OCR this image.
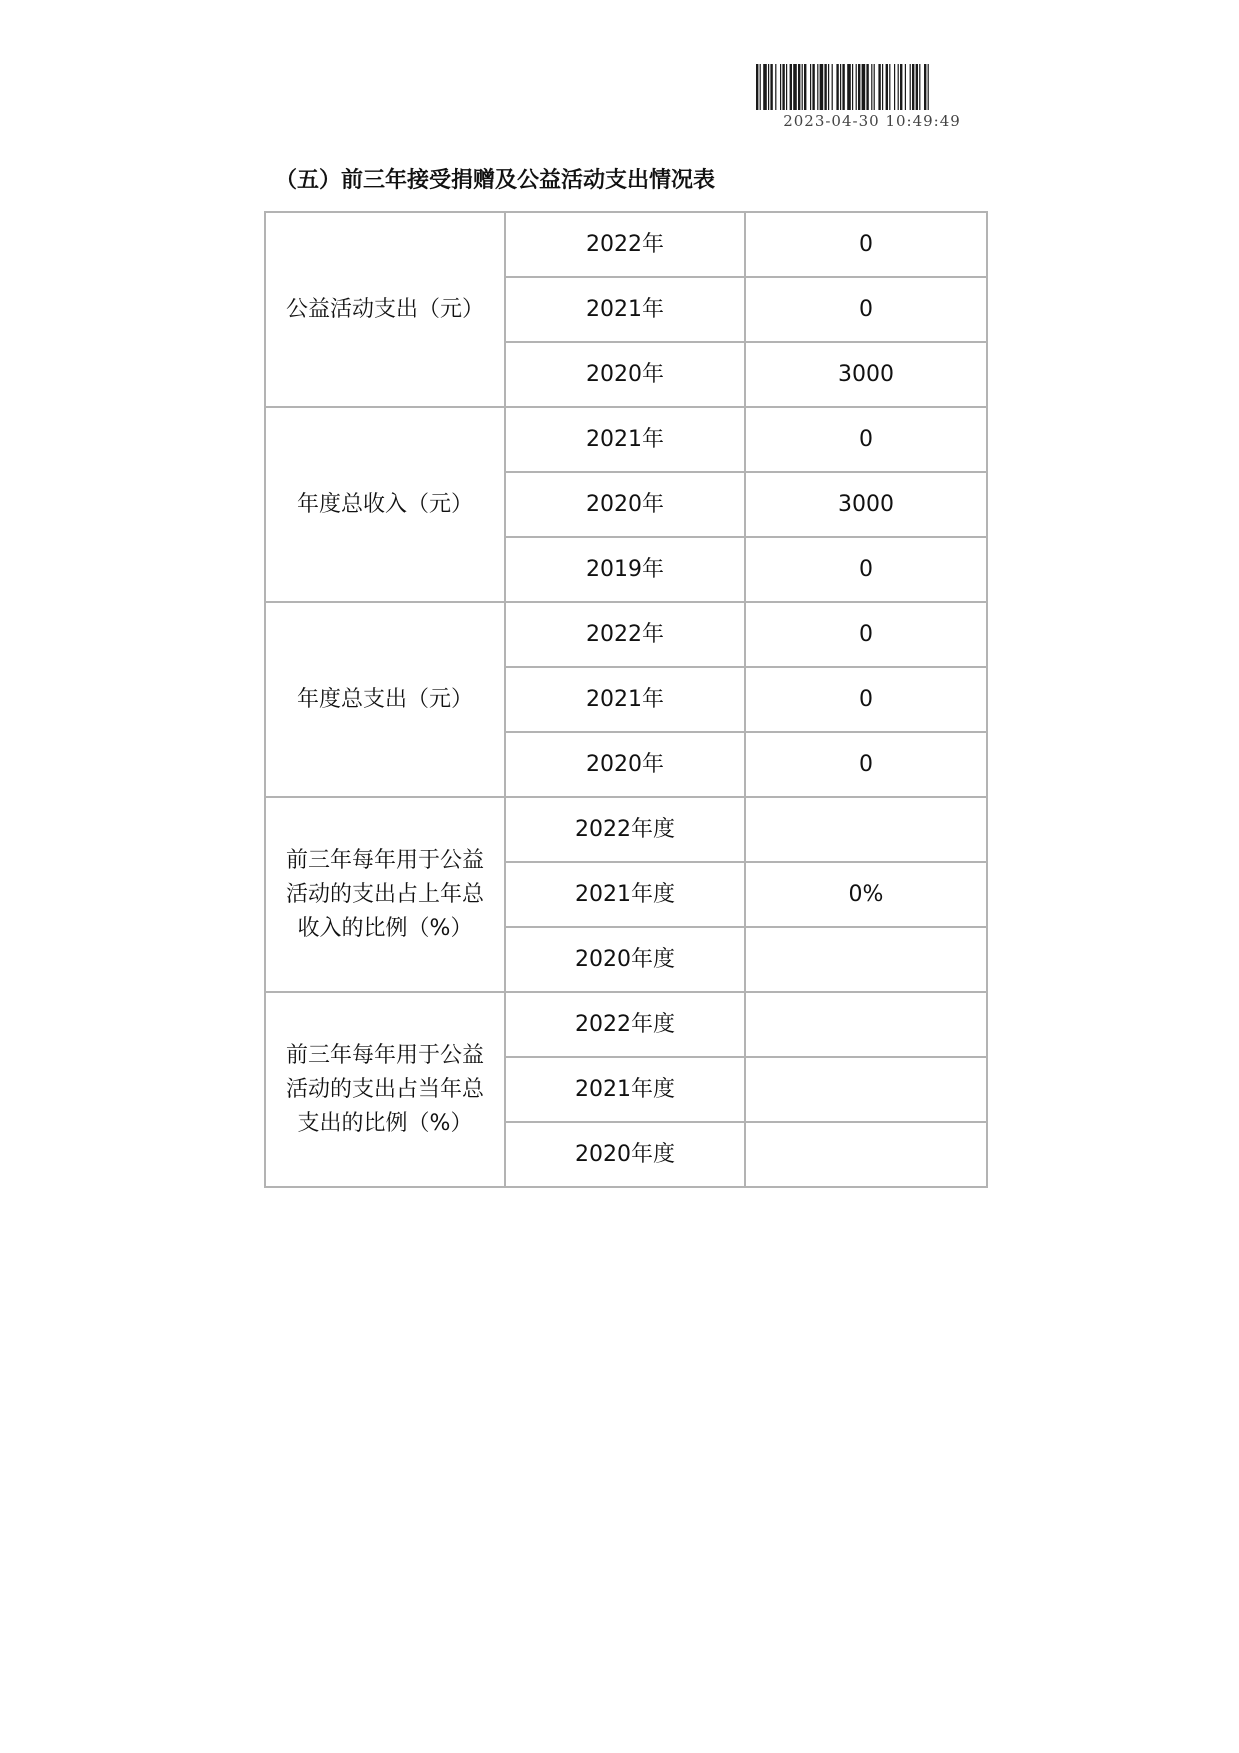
2023-04-30 10:49:49
（五）前三年接受捐赠及公益活动支出情况表
公益活动支出（元）	2022年	0
	2021年	0
	2020年	3000

年度总收入（元）	2021年	0
	2020年	3000
	2019年	0

年度总支出（元）	2022年	0
	2021年	0
	2020年	0

前三年每年用于公益活动的支出占上年总收入的比例（%）	2022年度	
	2021年度	0%
	2020年度	

前三年每年用于公益活动的支出占当年总支出的比例（%）	2022年度	
	2021年度	
	2020年度	
